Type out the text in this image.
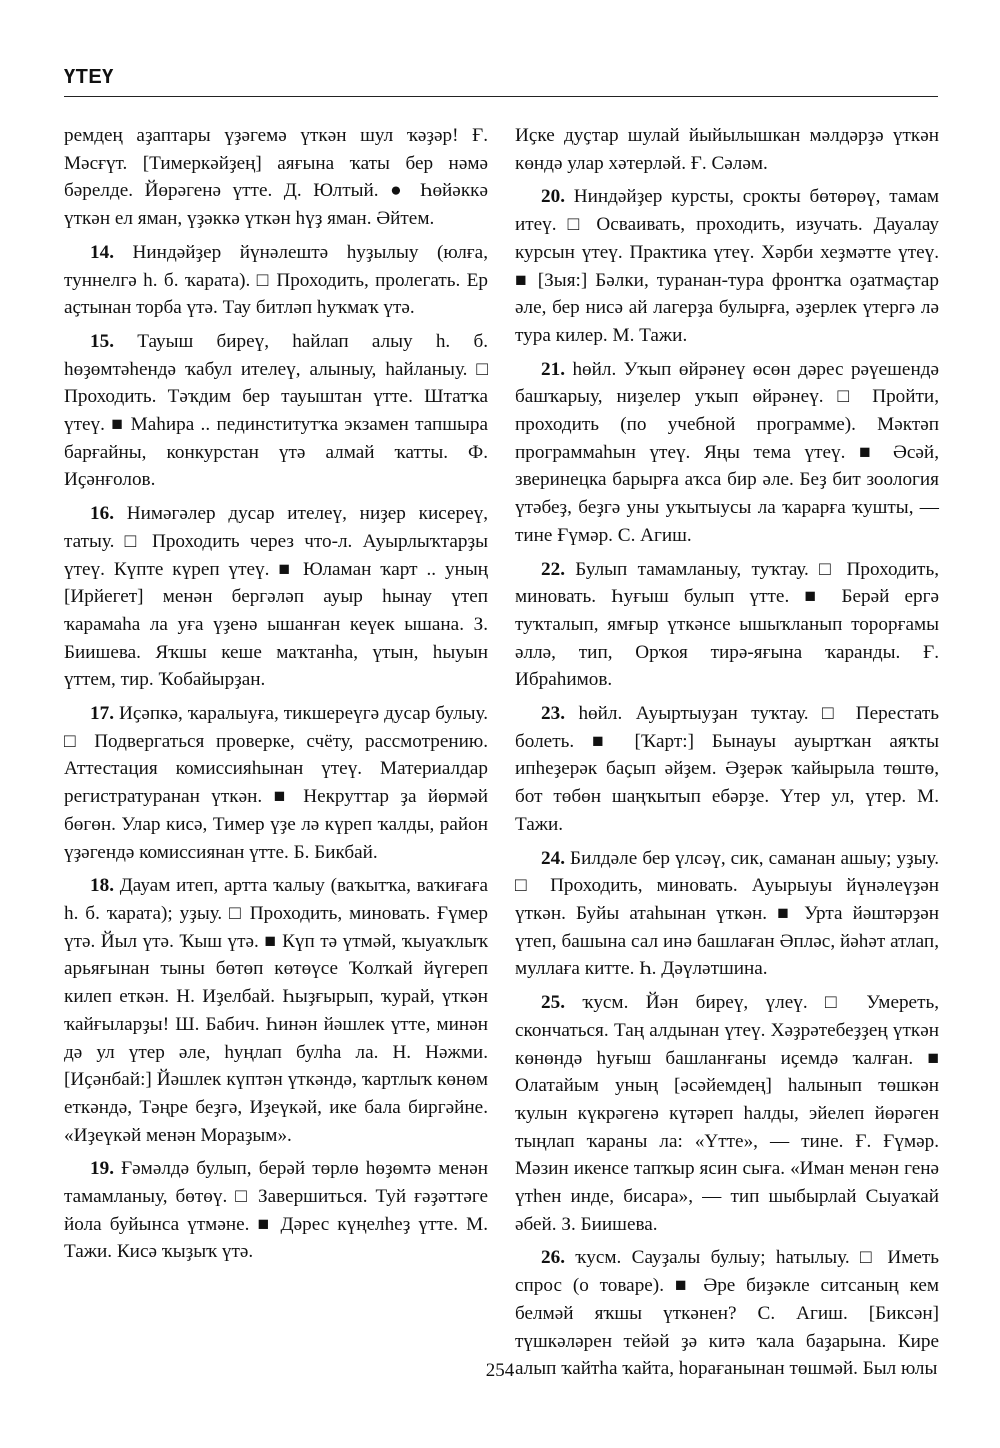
ҮТЕҮ

ремдең аҙаптары үҙәгемә үткән шул ҡәҙәр! Ғ. Мәсғүт. [Тимеркәйҙең] аяғына ҡаты бер нәмә бәрелде. Йөрәгенә үтте. Д. Юлтый. ● Һөйәккә үткән ел яман, үҙәккә үткән һүҙ яман. Әйтем.

14. Ниндәйҙер йүнәлештә һуҙылыу (юлға, туннелгә һ. б. ҡарата). □ Проходить, пролегать. Ер аҫтынан торба үтә. Тау битләп һуҡмаҡ үтә.

15. Тауыш биреү, һайлап алыу һ. б. һөҙөмтәһендә ҡабул ителеү, алыныу, һайланыу. □ Проходить. Тәҡдим бер тауыштан үтте. Штатҡа үтеү. ■ Маһира .. пединститутҡа экзамен тапшыра барғайны, конкурстан үтә алмай ҡатты. Ф. Иҫәнғолов.

16. Нимәгәлер дусар ителеү, ниҙер кисереү, татыу. □ Проходить через что-л. Ауырлыҡтарҙы үтеү. Күпте күреп үтеү. ■ Юламан ҡарт .. уның [Ирйегет] менән бергәләп ауыр һынау үтеп ҡарамаһа ла уға үҙенә ышанған кеүек ышана. З. Биишева. Яҡшы кеше маҡтанһа, үтын, һыуын үттем, тир. Ҡобайырҙан.

17. Иҫәпкә, ҡаралыуға, тикшереүгә дусар булыу. □ Подвергаться проверке, счёту, рассмотрению. Аттестация комиссияһынан үтеү. Материалдар регистратуранан үткән. ■ Некруттар ҙа йөрмәй бөгөн. Улар кисә, Тимер үҙе лә күреп ҡалды, район үҙәгендә комиссиянан үтте. Б. Бикбай.

18. Дауам итеп, артта ҡалыу (ваҡытҡа, ваҡиғаға һ. б. ҡарата); уҙыу. □ Проходить, миновать. Ғүмер үтә. Йыл үтә. Ҡыш үтә. ■ Күп тә үтмәй, ҡыуаҡлыҡ арьяғынан тыны бөтөп көтөүсе Ҡолҡай йүгереп килеп еткән. Н. Иҙелбай. Һыҙғырып, ҡурай, үткән ҡайғыларҙы! Ш. Бабич. Һинән йәшлек үтте, минән дә ул үтер әле, һуңлап булһа ла. Н. Нәжми. [Иҫәнбай:] Йәшлек күптән үткәндә, ҡартлыҡ көнөм еткәндә, Тәңре беҙгә, Иҙеүкәй, ике бала биргәйне. «Иҙеүкәй менән Мораҙым».

19. Ғәмәлдә булып, берәй төрлө һөҙөмтә менән тамамланыу, бөтөү. □ Завершиться. Туй ғәҙәттәге йола буйынса үтмәне. ■ Дәрес күңелһеҙ үтте. М. Тажи. Кисә ҡыҙыҡ үтә.

Иҫке дуҫтар шулай йыйылышкан мәлдәрҙә үткән көндә улар хәтерләй. Ғ. Сәләм.

20. Ниндәйҙер курсты, срокты бөтөрөү, тамам итеү. □ Осваивать, проходить, изучать. Дауалау курсын үтеү. Практика үтеү. Хәрби хеҙмәтте үтеү. ■ [Зыя:] Бәлки, туранан-тура фронтҡа оҙатмаҫтар әле, бер нисә ай лагерҙа булырға, әҙерлек үтергә лә тура килер. М. Тажи.

21. һөйл. Уҡып өйрәнеү өсөн дәрес рәүешендә башҡарыу, ниҙелер уҡып өйрәнеү. □ Пройти, проходить (по учебной программе). Мәктәп программаһын үтеү. Яңы тема үтеү. ■ Әсәй, зверинецка барырға аҡса бир әле. Беҙ бит зоология үтәбеҙ, беҙгә уны уҡытыусы ла ҡарарға ҡушты, — тине Ғүмәр. С. Агиш.

22. Булып тамамланыу, туҡтау. □ Проходить, миновать. Һуғыш булып үтте. ■ Берәй ергә туҡталып, ямғыр үткәнсе ышыҡланып торорғамы әллә, тип, Орҡоя тирә-яғына ҡаранды. Ғ. Ибраһимов.

23. һөйл. Ауыртыуҙан туҡтау. □ Перестать болеть. ■ [Ҡарт:] Бынауы ауыртҡан аяҡты ипһеҙерәк баҫып әйҙем. Әҙерәк ҡайырыла төштө, бот төбөн шаңҡытып ебәрҙе. Үтер ул, үтер. М. Тажи.

24. Билдәле бер үлсәү, сик, саманан ашыу; уҙыу. □ Проходить, миновать. Ауырыуы йүнәлеүҙән үткән. Буйы атаһынан үткән. ■ Урта йәштәрҙән үтеп, башына сал инә башлаған Әпләс, йәһәт атлап, муллаға китте. Һ. Дәүләтшина.

25. ҡусм. Йән биреү, үлеү. □ Умереть, скончаться. Таң алдынан үтеү. Хәҙрәтебеҙҙең үткән көнөндә һуғыш башланғаны иҫемдә ҡалған. ■ Олатайым уның [әсәйемдең] һалынып төшкән ҡулын күкрәгенә күтәреп һалды, эйелеп йөрәген тыңлап ҡараны ла: «Үтте», — тине. Ғ. Ғүмәр. Мәзин икенсе тапҡыр ясин сыға. «Иман менән генә үтһен инде, бисара», — тип шыбырлай Сыуаҡай әбей. З. Биишева.

26. ҡусм. Сауҙалы булыу; һатылыу. □ Иметь спрос (о товаре). ■ Әре биҙәкле ситсаның кем белмәй яҡшы үткәнен? С. Агиш. [Биксән] түшкәләрен тейәй ҙә китә ҡала баҙарына. Кире алып ҡайтһа ҡайта, һорағанынан төшмәй. Был юлы

254
